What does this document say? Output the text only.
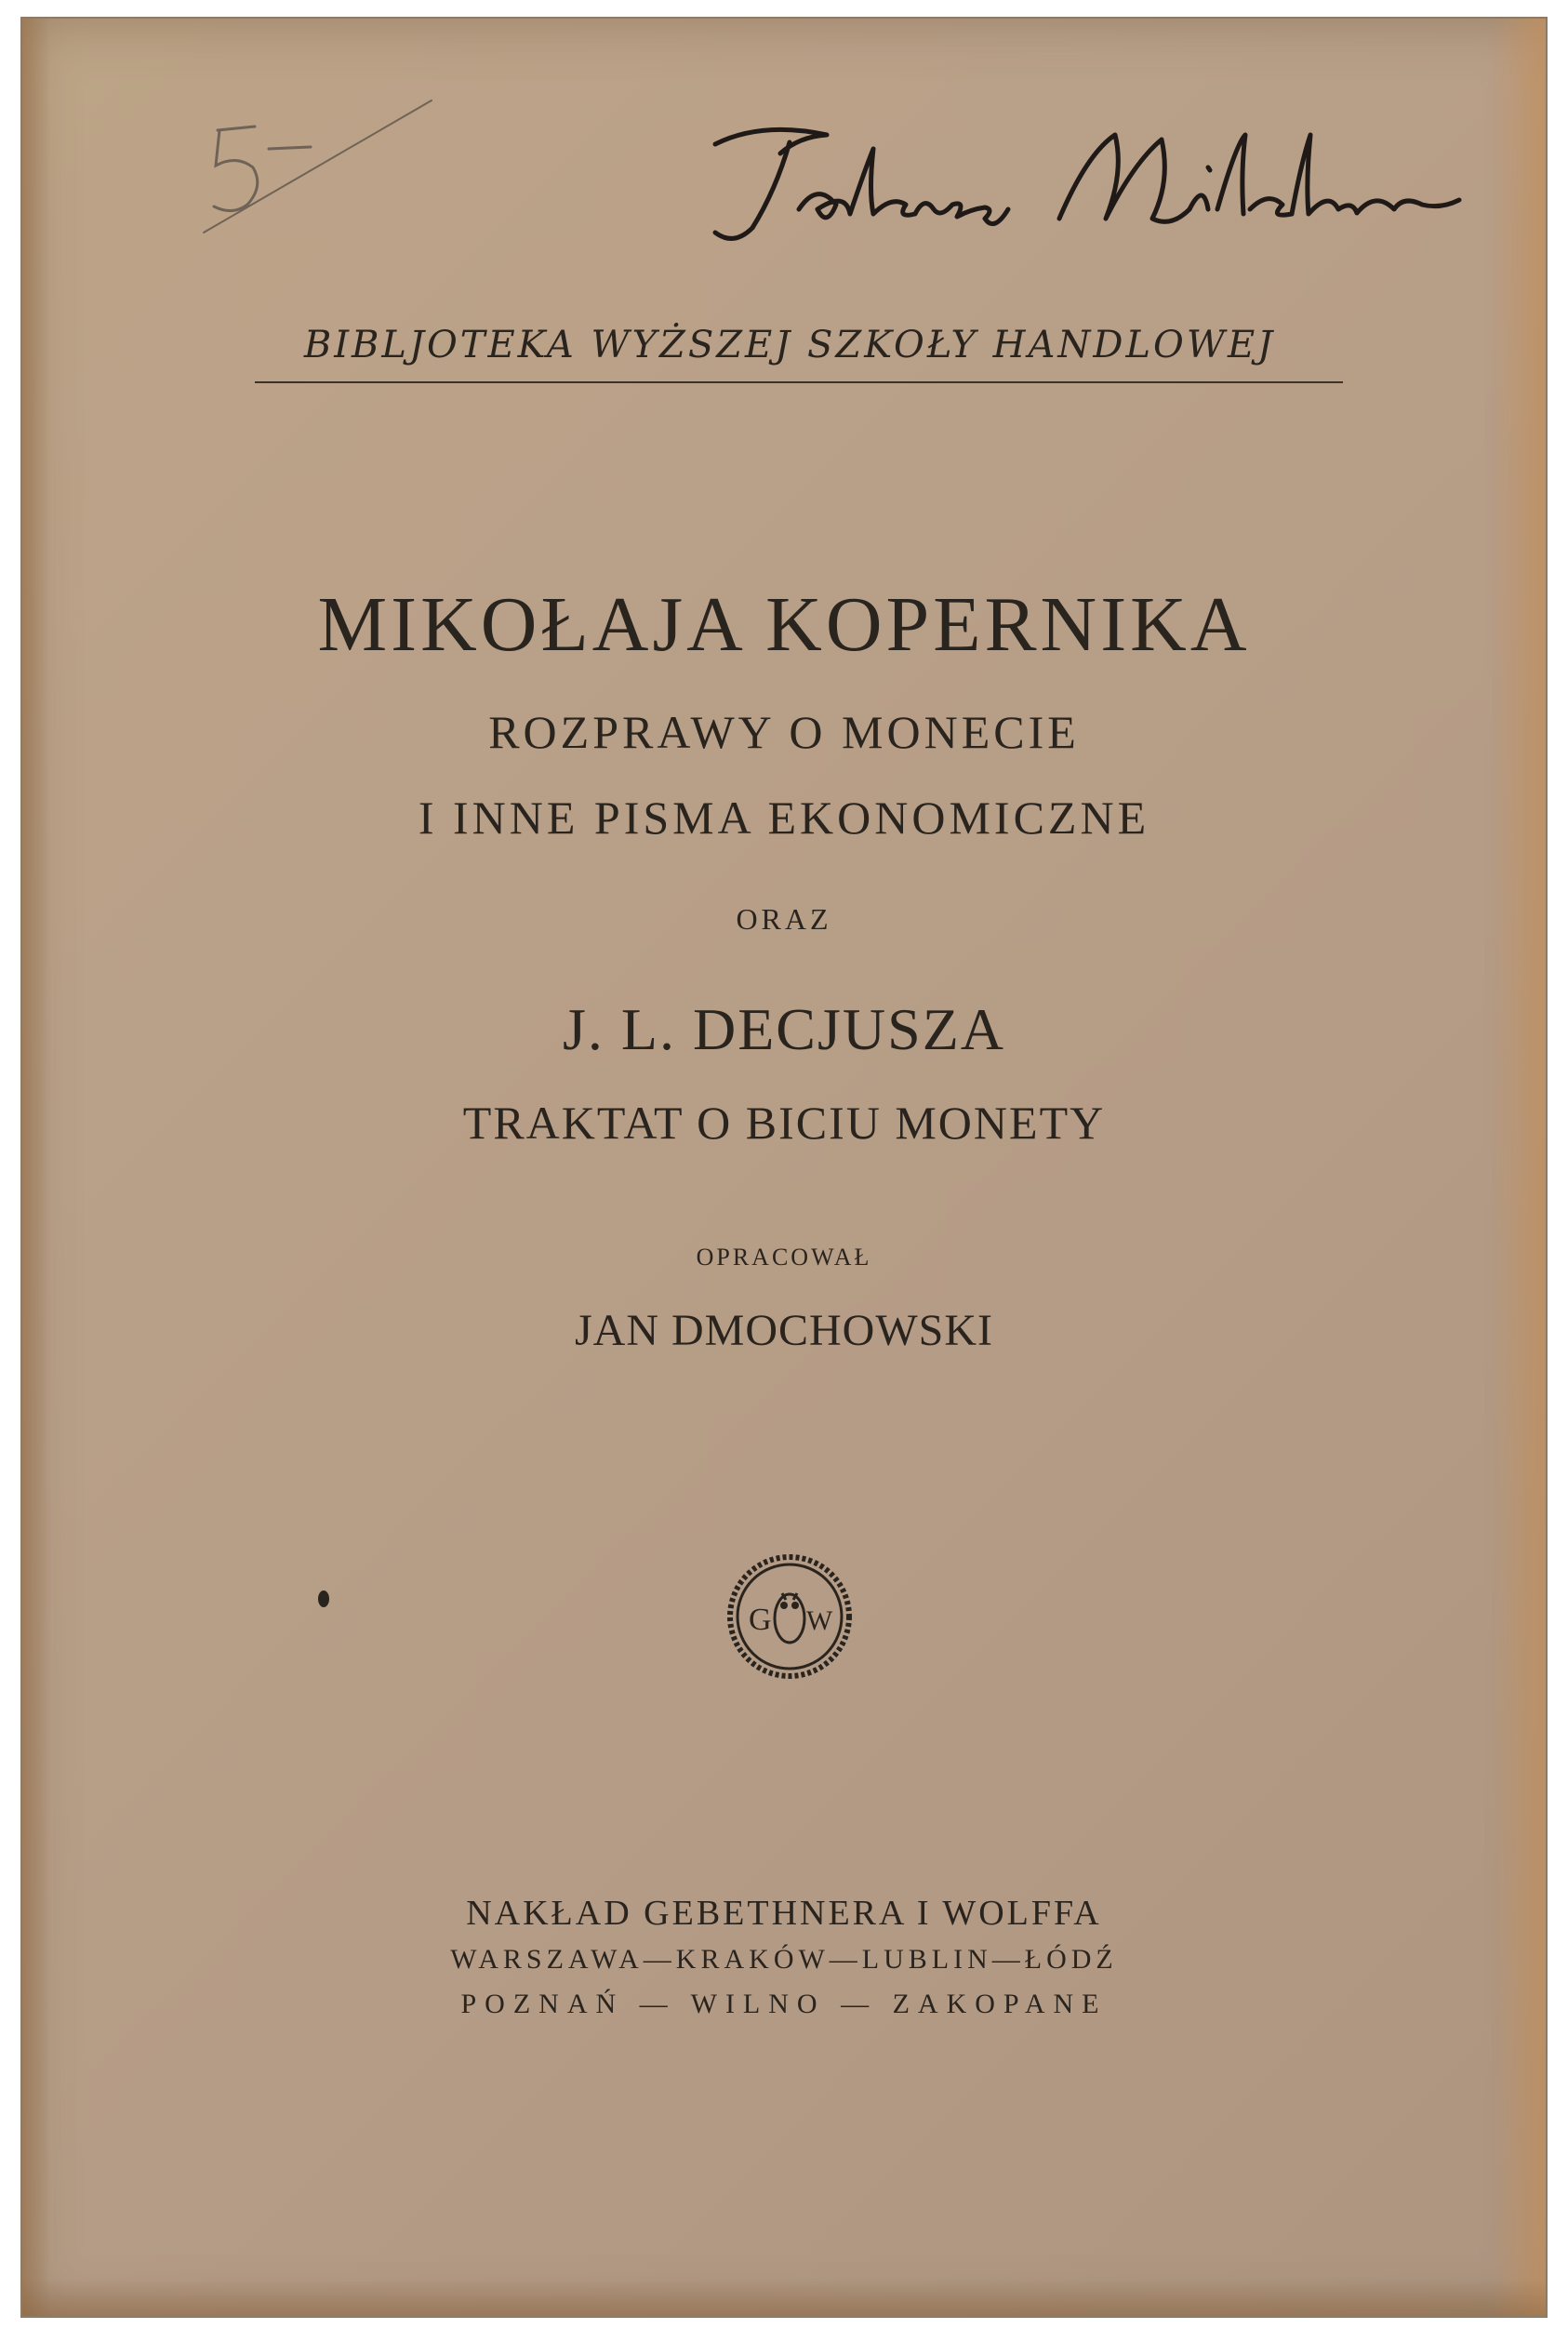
BIBLJOTEKA WYŻSZEJ SZKOŁY HANDLOWEJ
MIKOŁAJA KOPERNIKA
ROZPRAWY O MONECIE
I INNE PISMA EKONOMICZNE
ORAZ
J. L. DECJUSZA
TRAKTAT O BICIU MONETY
OPRACOWAŁ
JAN DMOCHOWSKI
G W
NAKŁAD GEBETHNERA I WOLFFA
WARSZAWA—KRAKÓW—LUBLIN—ŁÓDŹ
POZNAŃ — WILNO — ZAKOPANE
